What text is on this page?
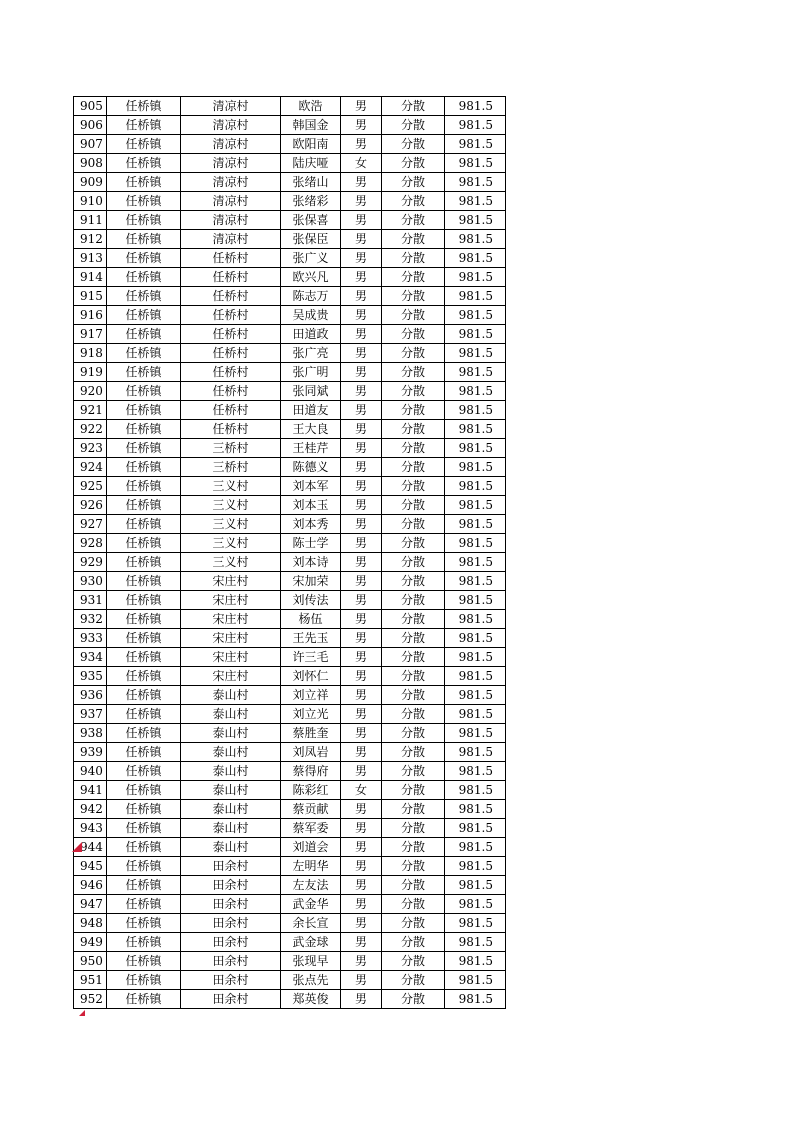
905	任桥镇	清凉村	欧浩	男	分散	981.5
906	任桥镇	清凉村	韩国金	男	分散	981.5
907	任桥镇	清凉村	欧阳南	男	分散	981.5
908	任桥镇	清凉村	陆庆哑	女	分散	981.5
909	任桥镇	清凉村	张绪山	男	分散	981.5
910	任桥镇	清凉村	张绪彩	男	分散	981.5
911	任桥镇	清凉村	张保喜	男	分散	981.5
912	任桥镇	清凉村	张保臣	男	分散	981.5
913	任桥镇	任桥村	张广义	男	分散	981.5
914	任桥镇	任桥村	欧兴凡	男	分散	981.5
915	任桥镇	任桥村	陈志万	男	分散	981.5
916	任桥镇	任桥村	吴成贵	男	分散	981.5
917	任桥镇	任桥村	田道政	男	分散	981.5
918	任桥镇	任桥村	张广亮	男	分散	981.5
919	任桥镇	任桥村	张广明	男	分散	981.5
920	任桥镇	任桥村	张同斌	男	分散	981.5
921	任桥镇	任桥村	田道友	男	分散	981.5
922	任桥镇	任桥村	王大良	男	分散	981.5
923	任桥镇	三桥村	王桂芹	男	分散	981.5
924	任桥镇	三桥村	陈德义	男	分散	981.5
925	任桥镇	三义村	刘本军	男	分散	981.5
926	任桥镇	三义村	刘本玉	男	分散	981.5
927	任桥镇	三义村	刘本秀	男	分散	981.5
928	任桥镇	三义村	陈士学	男	分散	981.5
929	任桥镇	三义村	刘本诗	男	分散	981.5
930	任桥镇	宋庄村	宋加荣	男	分散	981.5
931	任桥镇	宋庄村	刘传法	男	分散	981.5
932	任桥镇	宋庄村	杨伍	男	分散	981.5
933	任桥镇	宋庄村	王先玉	男	分散	981.5
934	任桥镇	宋庄村	许三毛	男	分散	981.5
935	任桥镇	宋庄村	刘怀仁	男	分散	981.5
936	任桥镇	泰山村	刘立祥	男	分散	981.5
937	任桥镇	泰山村	刘立光	男	分散	981.5
938	任桥镇	泰山村	蔡胜奎	男	分散	981.5
939	任桥镇	泰山村	刘凤岩	男	分散	981.5
940	任桥镇	泰山村	蔡得府	男	分散	981.5
941	任桥镇	泰山村	陈彩红	女	分散	981.5
942	任桥镇	泰山村	蔡贡献	男	分散	981.5
943	任桥镇	泰山村	蔡军委	男	分散	981.5
944	任桥镇	泰山村	刘道会	男	分散	981.5
945	任桥镇	田余村	左明华	男	分散	981.5
946	任桥镇	田余村	左友法	男	分散	981.5
947	任桥镇	田余村	武金华	男	分散	981.5
948	任桥镇	田余村	余长宣	男	分散	981.5
949	任桥镇	田余村	武金球	男	分散	981.5
950	任桥镇	田余村	张现早	男	分散	981.5
951	任桥镇	田余村	张点先	男	分散	981.5
952	任桥镇	田余村	郑英俊	男	分散	981.5
